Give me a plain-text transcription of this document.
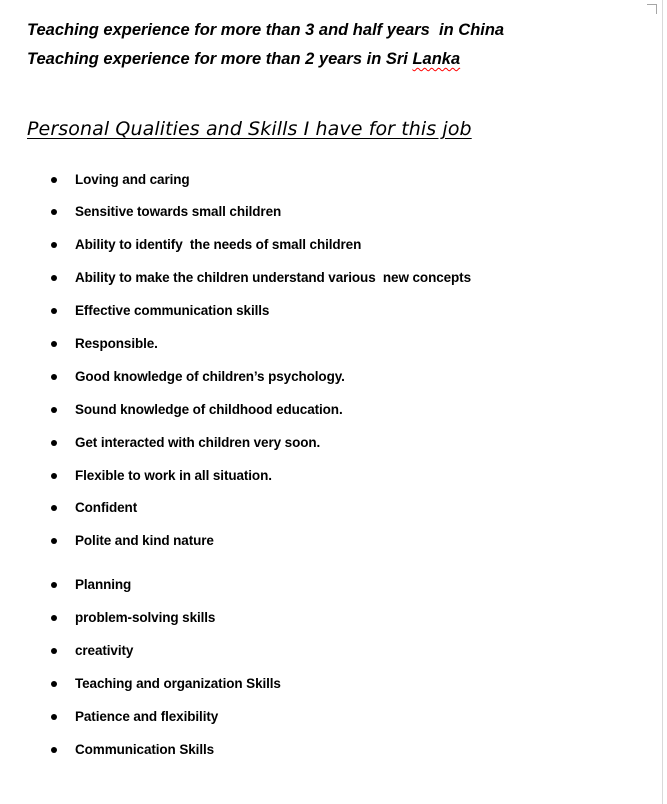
Teaching experience for more than 3 and half years  in China
Teaching experience for more than 2 years in Sri Lanka
Personal Qualities and Skills I have for this job
Loving and caring
Sensitive towards small children
Ability to identify  the needs of small children
Ability to make the children understand various  new concepts
Effective communication skills
Responsible.
Good knowledge of children’s psychology.
Sound knowledge of childhood education.
Get interacted with children very soon.
Flexible to work in all situation.
Confident
Polite and kind nature
Planning
problem-solving skills
creativity
Teaching and organization Skills
Patience and flexibility
Communication Skills
